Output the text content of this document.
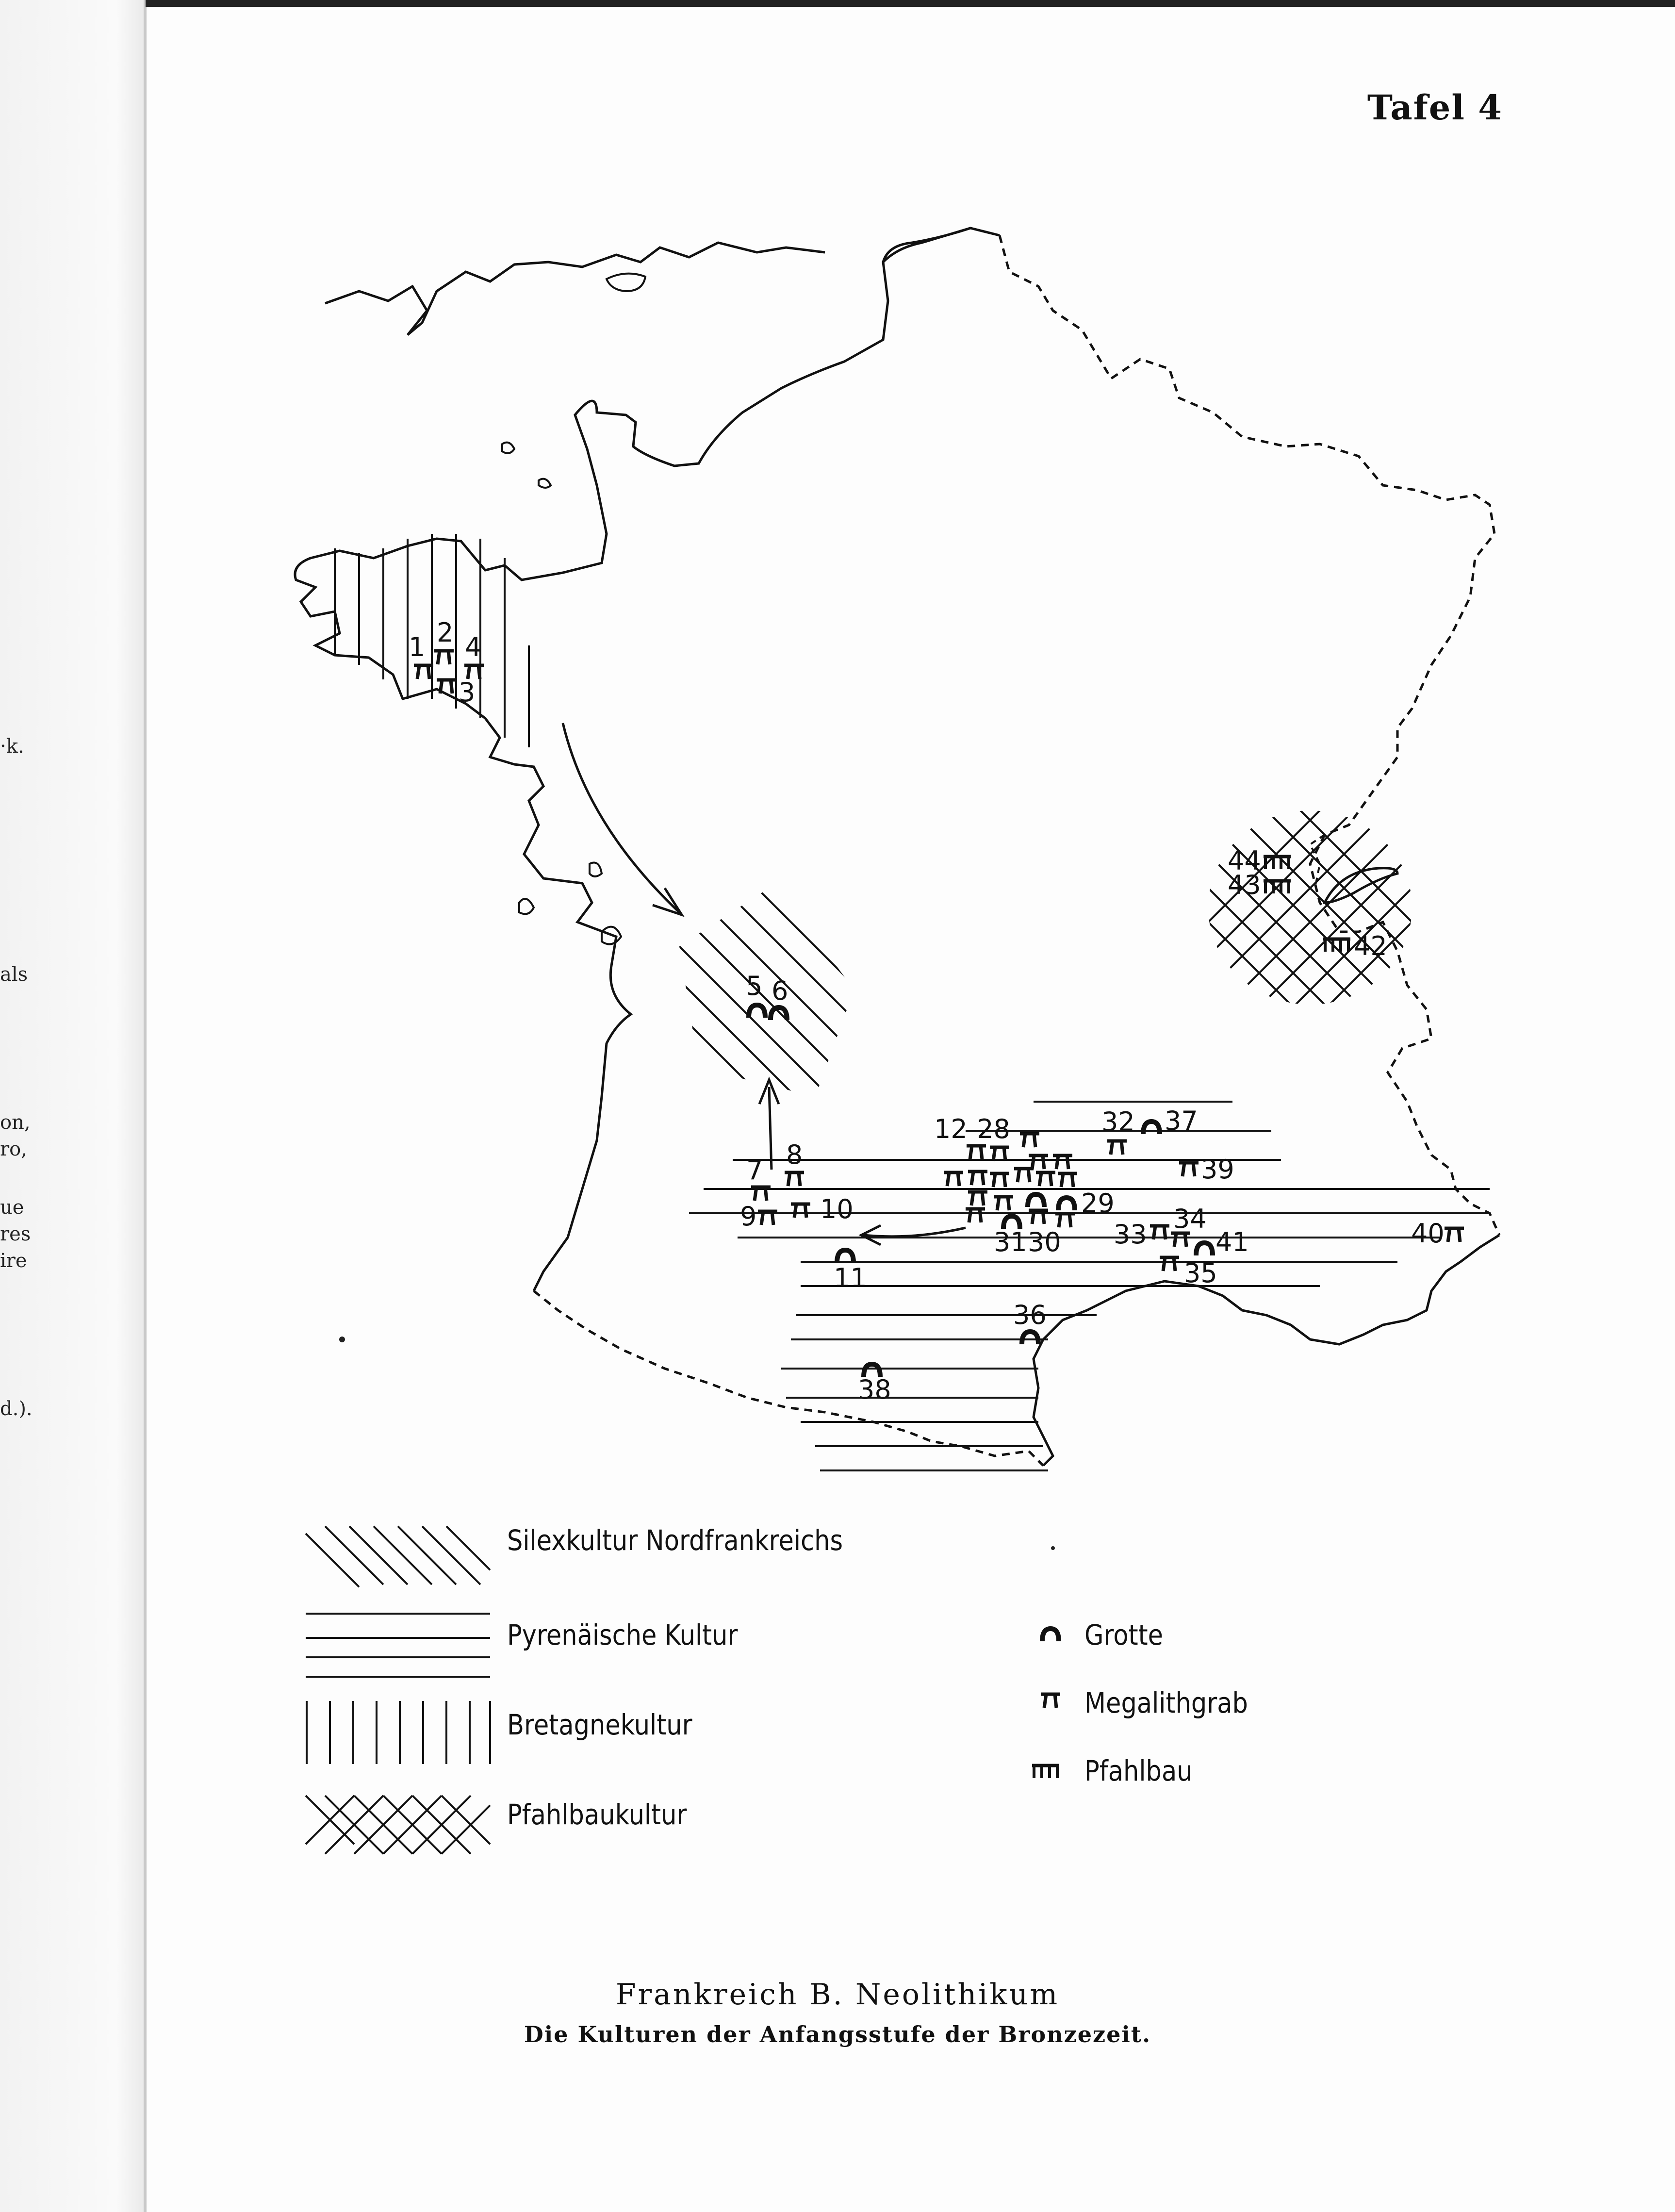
·k.
als
on,
ro,
ue
res
ire
d.).
Tafel 4
1 2
3
4
5 6
7
8
9 10
11
12-28
29
30
31
32
33
34
35
36
37
38
39
40
41
42
43
44
Silexkultur Nordfrankreichs
Pyrenäische Kultur
Bretagnekultur
Pfahlbaukultur
Grotte
Megalithgrab
Pfahlbau
Frankreich B. Neolithikum
Die Kulturen der Anfangsstufe der Bronzezeit.
